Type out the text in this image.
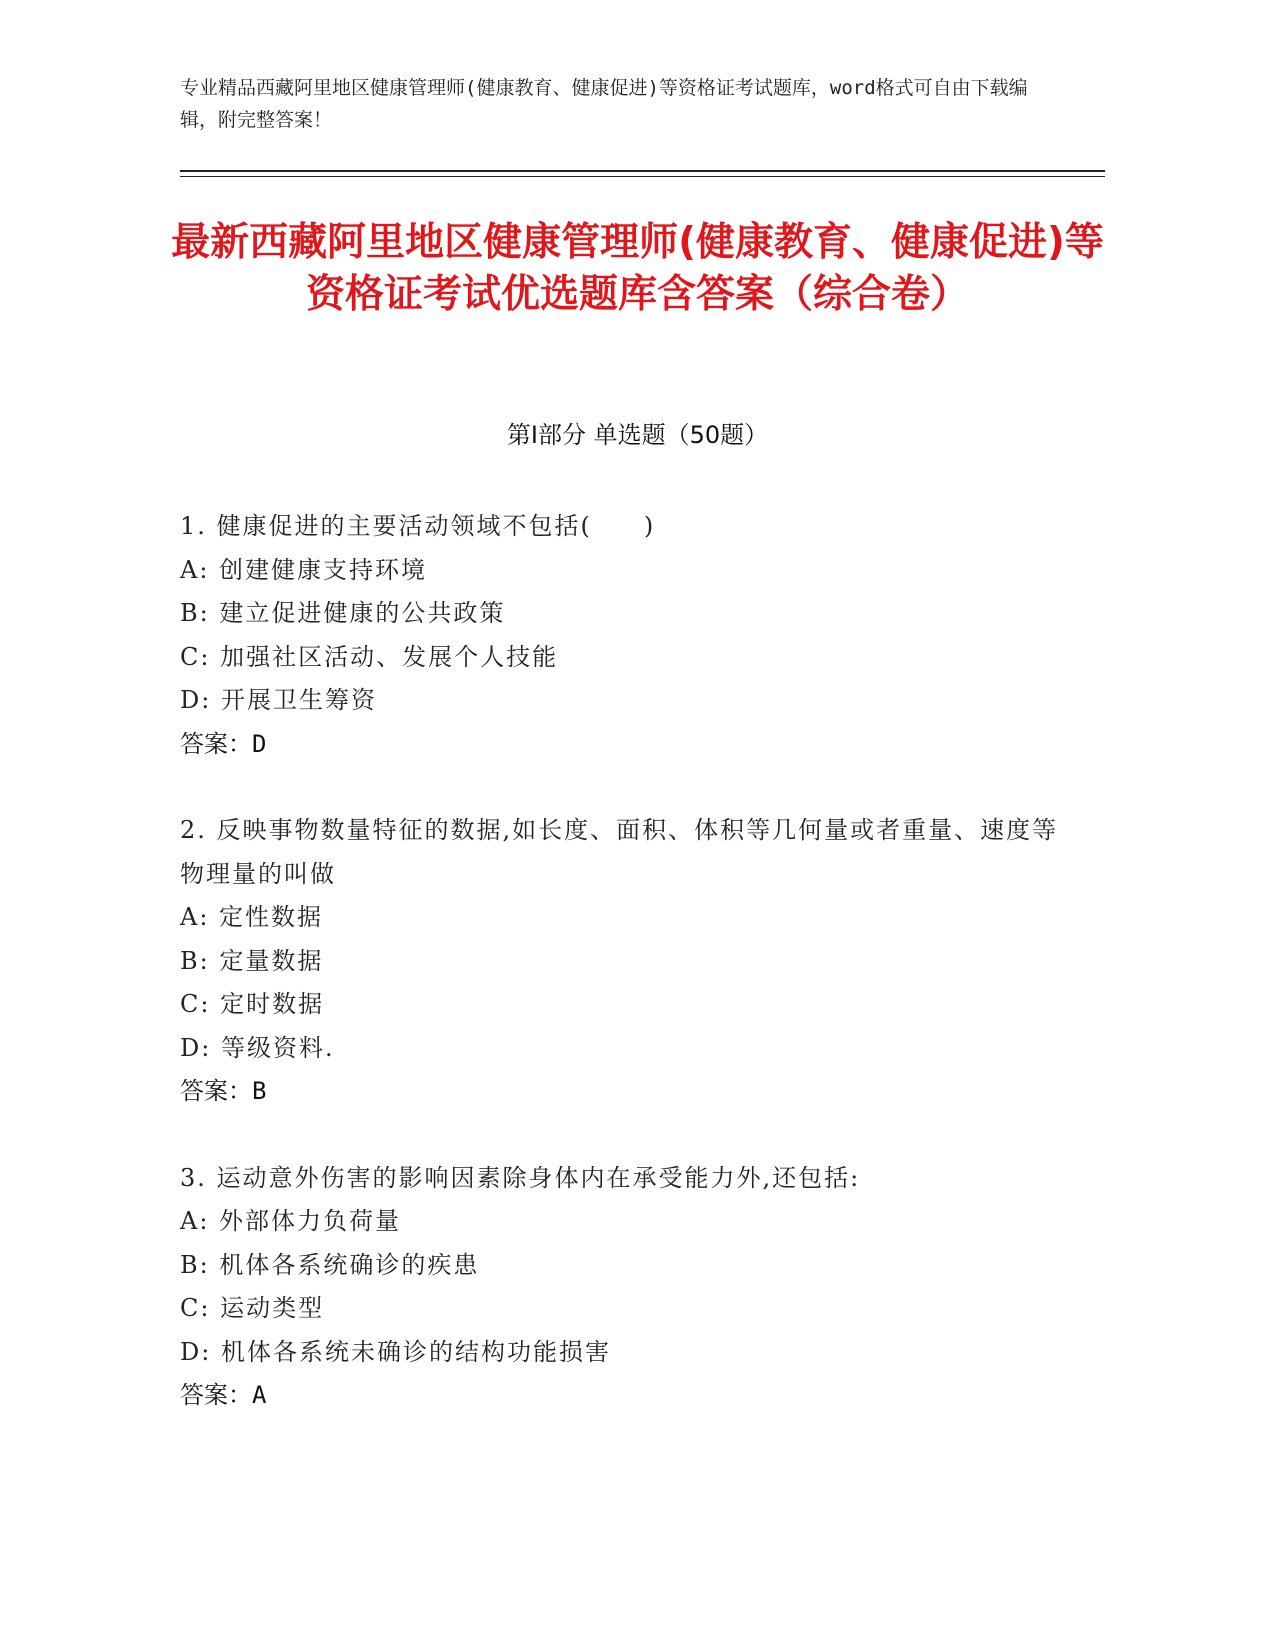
专业精品西藏阿里地区健康管理师(健康教育、健康促进)等资格证考试题库，word格式可自由下载编辑，附完整答案！
最新西藏阿里地区健康管理师(健康教育、健康促进)等资格证考试优选题库含答案（综合卷）
第Ⅰ部分 单选题（50题）
1. 健康促进的主要活动领域不包括(　　)
A: 创建健康支持环境
B: 建立促进健康的公共政策
C: 加强社区活动、发展个人技能
D: 开展卫生筹资
答案：D
2. 反映事物数量特征的数据,如长度、面积、体积等几何量或者重量、速度等物理量的叫做
A: 定性数据
B: 定量数据
C: 定时数据
D: 等级资料.
答案：B
3. 运动意外伤害的影响因素除身体内在承受能力外,还包括:
A: 外部体力负荷量
B: 机体各系统确诊的疾患
C: 运动类型
D: 机体各系统未确诊的结构功能损害
答案：A
